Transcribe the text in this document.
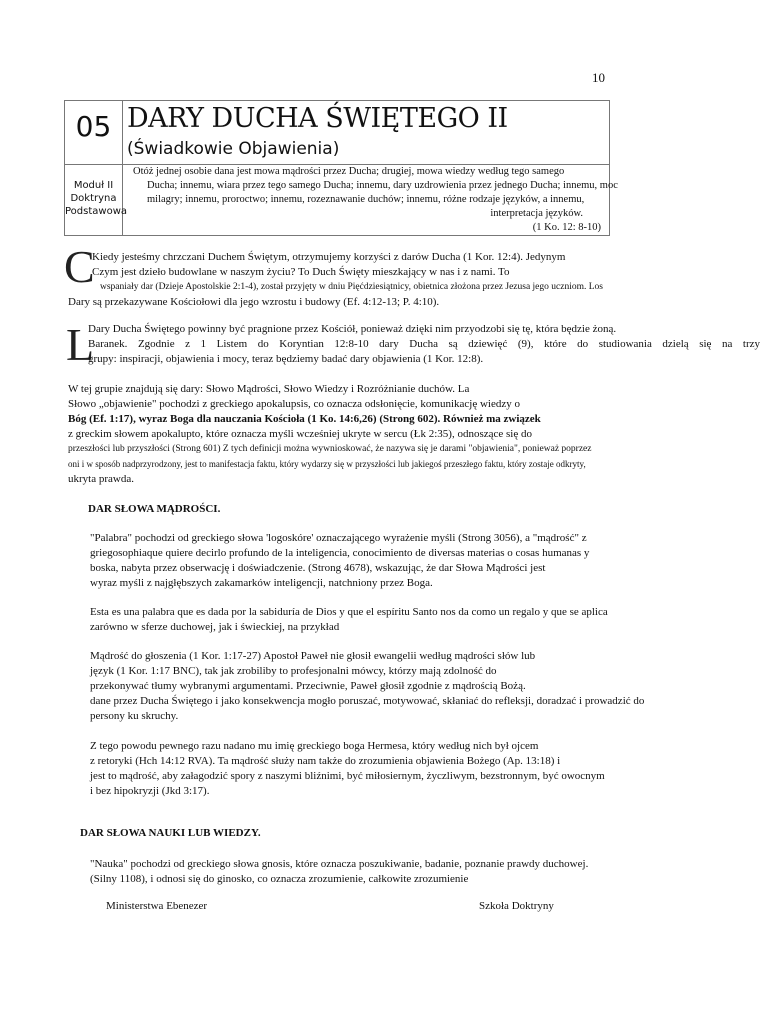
10
05 DARY DUCHA ŚWIĘTEGO II
(Świadkowie Objawienia)
Moduł II
Doktryna
Podstawowa
Otóż jednej osobie dana jest mowa mądrości przez Ducha; drugiej, mowa wiedzy według tego samego
Ducha; innemu, wiara przez tego samego Ducha; innemu, dary uzdrowienia przez jednego Ducha; innemu, moc
milagry; innemu, proroctwo; innemu, rozeznawanie duchów; innemu, różne rodzaje języków, a innemu,
interpretacja języków.
(1 Ko. 12: 8-10)
C
Kiedy jesteśmy chrzczani Duchem Świętym, otrzymujemy korzyści z darów Ducha (1 Kor. 12:4). Jedynym
Czym jest dzieło budowlane w naszym życiu? To Duch Święty mieszkający w nas i z nami. To
wspaniały dar (Dzieje Apostolskie 2:1-4), został przyjęty w dniu Pięćdziesiątnicy, obietnica złożona przez Jezusa jego uczniom. Los
Dary są przekazywane Kościołowi dla jego wzrostu i budowy (Ef. 4:12-13; P. 4:10).
L
Dary Ducha Świętego powinny być pragnione przez Kościół, ponieważ dzięki nim przyodzobi się tę, która będzie żoną.
Baranek. Zgodnie z 1 Listem do Koryntian 12:8-10 dary Ducha są dziewięć (9), które do studiowania dzielą się na trzy
grupy: inspiracji, objawienia i mocy, teraz będziemy badać dary objawienia (1 Kor. 12:8).
W tej grupie znajdują się dary: Słowo Mądrości, Słowo Wiedzy i Rozróżnianie duchów. La
Słowo „objawienie" pochodzi z greckiego apokalupsis, co oznacza odsłonięcie, komunikację wiedzy o
Bóg (Ef. 1:17), wyraz Boga dla nauczania Kościoła (1 Ko. 14:6,26) (Strong 602). Również ma związek
z greckim słowem apokalupto, które oznacza myśli wcześniej ukryte w sercu (Łk 2:35), odnoszące się do
przeszłości lub przyszłości (Strong 601) Z tych definicji można wywnioskować, że nazywa się je darami "objawienia", ponieważ poprzez
oni i w sposób nadprzyrodzony, jest to manifestacja faktu, który wydarzy się w przyszłości lub jakiegoś przeszłego faktu, który zostaje odkryty,
ukryta prawda.
DAR SŁOWA MĄDROŚCI.
"Palabra" pochodzi od greckiego słowa 'logoskóre' oznaczającego wyrażenie myśli (Strong 3056), a "mądrość" z
griegosophiaque quiere decirlo profundo de la inteligencia, conocimiento de diversas materias o cosas humanas y
boska, nabyta przez obserwację i doświadczenie. (Strong 4678), wskazując, że dar Słowa Mądrości jest
wyraz myśli z najgłębszych zakamarków inteligencji, natchniony przez Boga.
Esta es una palabra que es dada por la sabiduría de Dios y que el espíritu Santo nos da como un regalo y que se aplica
zarówno w sferze duchowej, jak i świeckiej, na przykład
Mądrość do głoszenia (1 Kor. 1:17-27) Apostoł Paweł nie głosił ewangelii według mądrości słów lub
język (1 Kor. 1:17 BNC), tak jak zrobiliby to profesjonalni mówcy, którzy mają zdolność do
przekonywać tłumy wybranymi argumentami. Przeciwnie, Paweł głosił zgodnie z mądrością Bożą.
dane przez Ducha Świętego i jako konsekwencja mogło poruszać, motywować, skłaniać do refleksji, doradzać i prowadzić do
persony ku skruchy.
Z tego powodu pewnego razu nadano mu imię greckiego boga Hermesa, który według nich był ojcem
z retoryki (Hch 14:12 RVA). Ta mądrość służy nam także do zrozumienia objawienia Bożego (Ap. 13:18) i
jest to mądrość, aby załagodzić spory z naszymi bliźnimi, być miłosiernym, życzliwym, bezstronnym, być owocnym
i bez hipokryzji (Jkd 3:17).
DAR SŁOWA NAUKI LUB WIEDZY.
"Nauka" pochodzi od greckiego słowa gnosis, które oznacza poszukiwanie, badanie, poznanie prawdy duchowej.
(Silny 1108), i odnosi się do ginosko, co oznacza zrozumienie, całkowite zrozumienie
Ministerstwa Ebenezer	Szkoła Doktryny
